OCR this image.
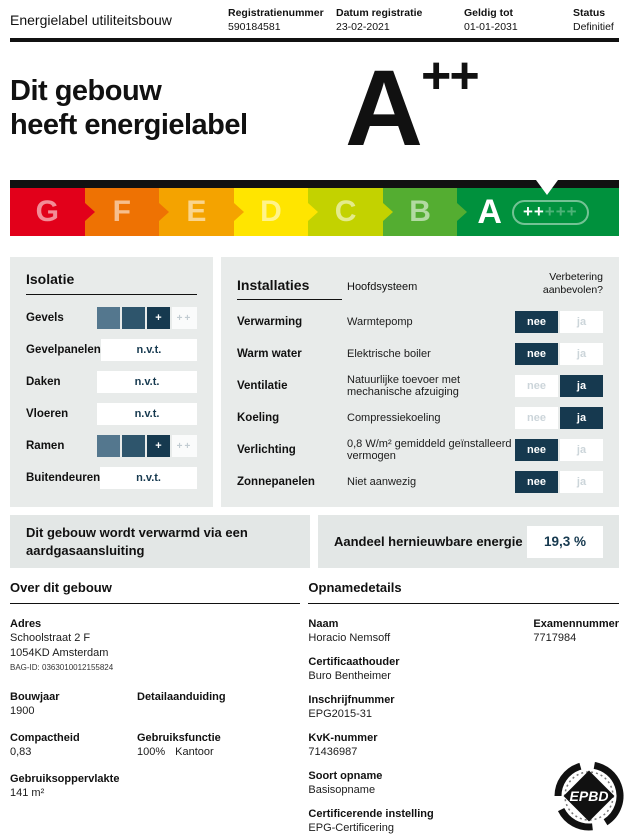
Energielabel utiliteitsbouw	Registratienummer
590184581
Datum registratie
23-02-2021
Geldig tot
01-01-2031
Status
Definitief
Dit gebouw
heeft energielabel A++
G F E D C B A ++ +++
Isolatie
Gevels	+	++
Gevelpanelen	n.v.t.
Daken	n.v.t.
Vloeren	n.v.t.
Ramen	+	++
Buitendeuren	n.v.t.
Installaties	Hoofdsysteem
Verbetering aanbevolen?
Verwarming	Warmtepomp	nee	ja
Warm water	Elektrische boiler	nee	ja
Ventilatie	Natuurlijke toevoer met mechanische afzuiging	nee	ja
Koeling	Compressiekoeling	nee	ja
Verlichting	0,8 W/m² gemiddeld geïnstalleerd vermogen	nee	ja
Zonnepanelen	Niet aanwezig	nee	ja
Dit gebouw wordt verwarmd via een aardgasaansluiting
Aandeel hernieuwbare energie	19,3 %
Over dit gebouw
Adres
Schoolstraat 2 F
1054KD Amsterdam
BAG-ID: 0363010012155824
Bouwjaar
1900
Detailaanduiding
Compactheid
0,83
Gebruiksfunctie
100% Kantoor
Gebruiksoppervlakte
141 m²
Opnamedetails
Naam
Horacio Nemsoff
Examennummer
7717984
Certificaathouder
Buro Bentheimer
Inschrijfnummer
EPG2015-31
KvK-nummer
71436987
Soort opname
Basisopname
Certificerende instelling
EPG-Certificering
EPBD
